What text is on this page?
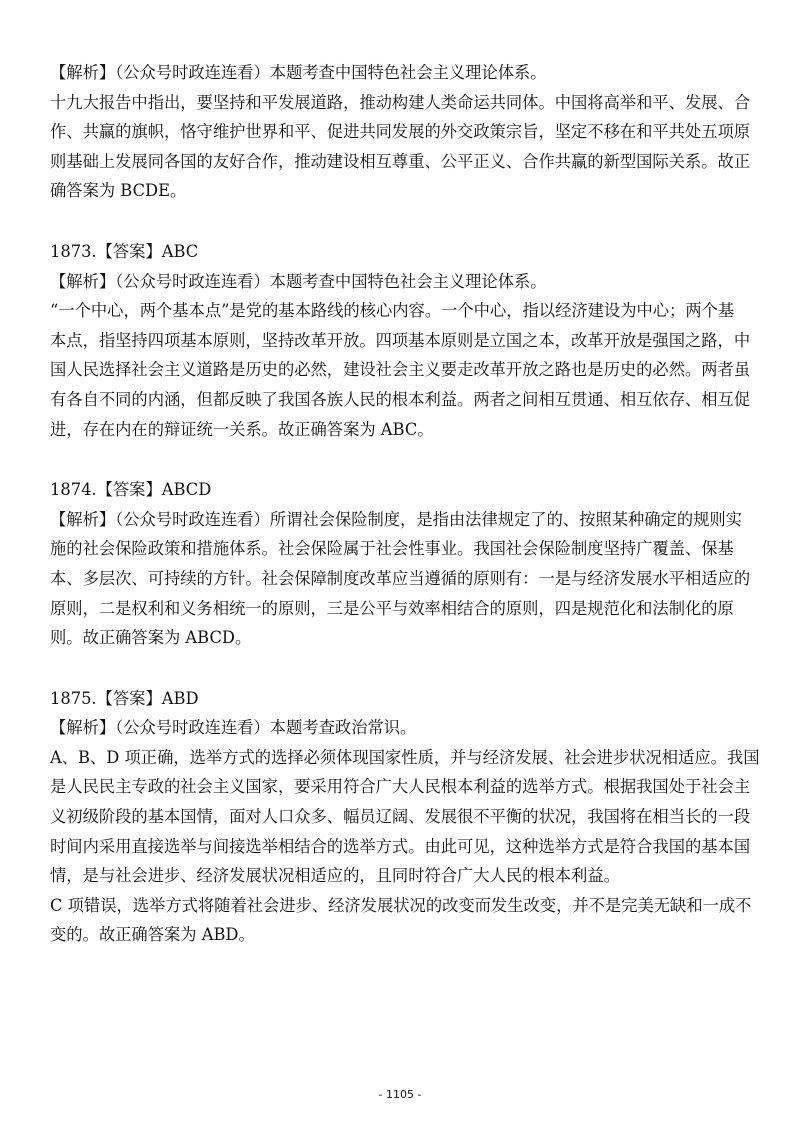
【解析】（公众号时政连连看）本题考查中国特色社会主义理论体系。

十九大报告中指出，要坚持和平发展道路，推动构建人类命运共同体。中国将高举和平、发展、合

作、共赢的旗帜，恪守维护世界和平、促进共同发展的外交政策宗旨，坚定不移在和平共处五项原

则基础上发展同各国的友好合作，推动建设相互尊重、公平正义、合作共赢的新型国际关系。故正

确答案为 BCDE。

1873.【答案】ABC

【解析】（公众号时政连连看）本题考查中国特色社会主义理论体系。

“一个中心，两个基本点”是党的基本路线的核心内容。一个中心，指以经济建设为中心；两个基

本点，指坚持四项基本原则，坚持改革开放。四项基本原则是立国之本，改革开放是强国之路，中

国人民选择社会主义道路是历史的必然，建设社会主义要走改革开放之路也是历史的必然。两者虽

有各自不同的内涵，但都反映了我国各族人民的根本利益。两者之间相互贯通、相互依存、相互促

进，存在内在的辩证统一关系。故正确答案为 ABC。

1874.【答案】ABCD

【解析】（公众号时政连连看）所谓社会保险制度，是指由法律规定了的、按照某种确定的规则实

施的社会保险政策和措施体系。社会保险属于社会性事业。我国社会保险制度坚持广覆盖、保基

本、多层次、可持续的方针。社会保障制度改革应当遵循的原则有：一是与经济发展水平相适应的

原则，二是权利和义务相统一的原则，三是公平与效率相结合的原则，四是规范化和法制化的原

则。故正确答案为 ABCD。

1875.【答案】ABD

【解析】（公众号时政连连看）本题考查政治常识。

A、B、D 项正确，选举方式的选择必须体现国家性质，并与经济发展、社会进步状况相适应。我国

是人民民主专政的社会主义国家，要采用符合广大人民根本利益的选举方式。根据我国处于社会主

义初级阶段的基本国情，面对人口众多、幅员辽阔、发展很不平衡的状况，我国将在相当长的一段

时间内采用直接选举与间接选举相结合的选举方式。由此可见，这种选举方式是符合我国的基本国

情，是与社会进步、经济发展状况相适应的，且同时符合广大人民的根本利益。

C 项错误，选举方式将随着社会进步、经济发展状况的改变而发生改变，并不是完美无缺和一成不

变的。故正确答案为 ABD。

- 1105 -
